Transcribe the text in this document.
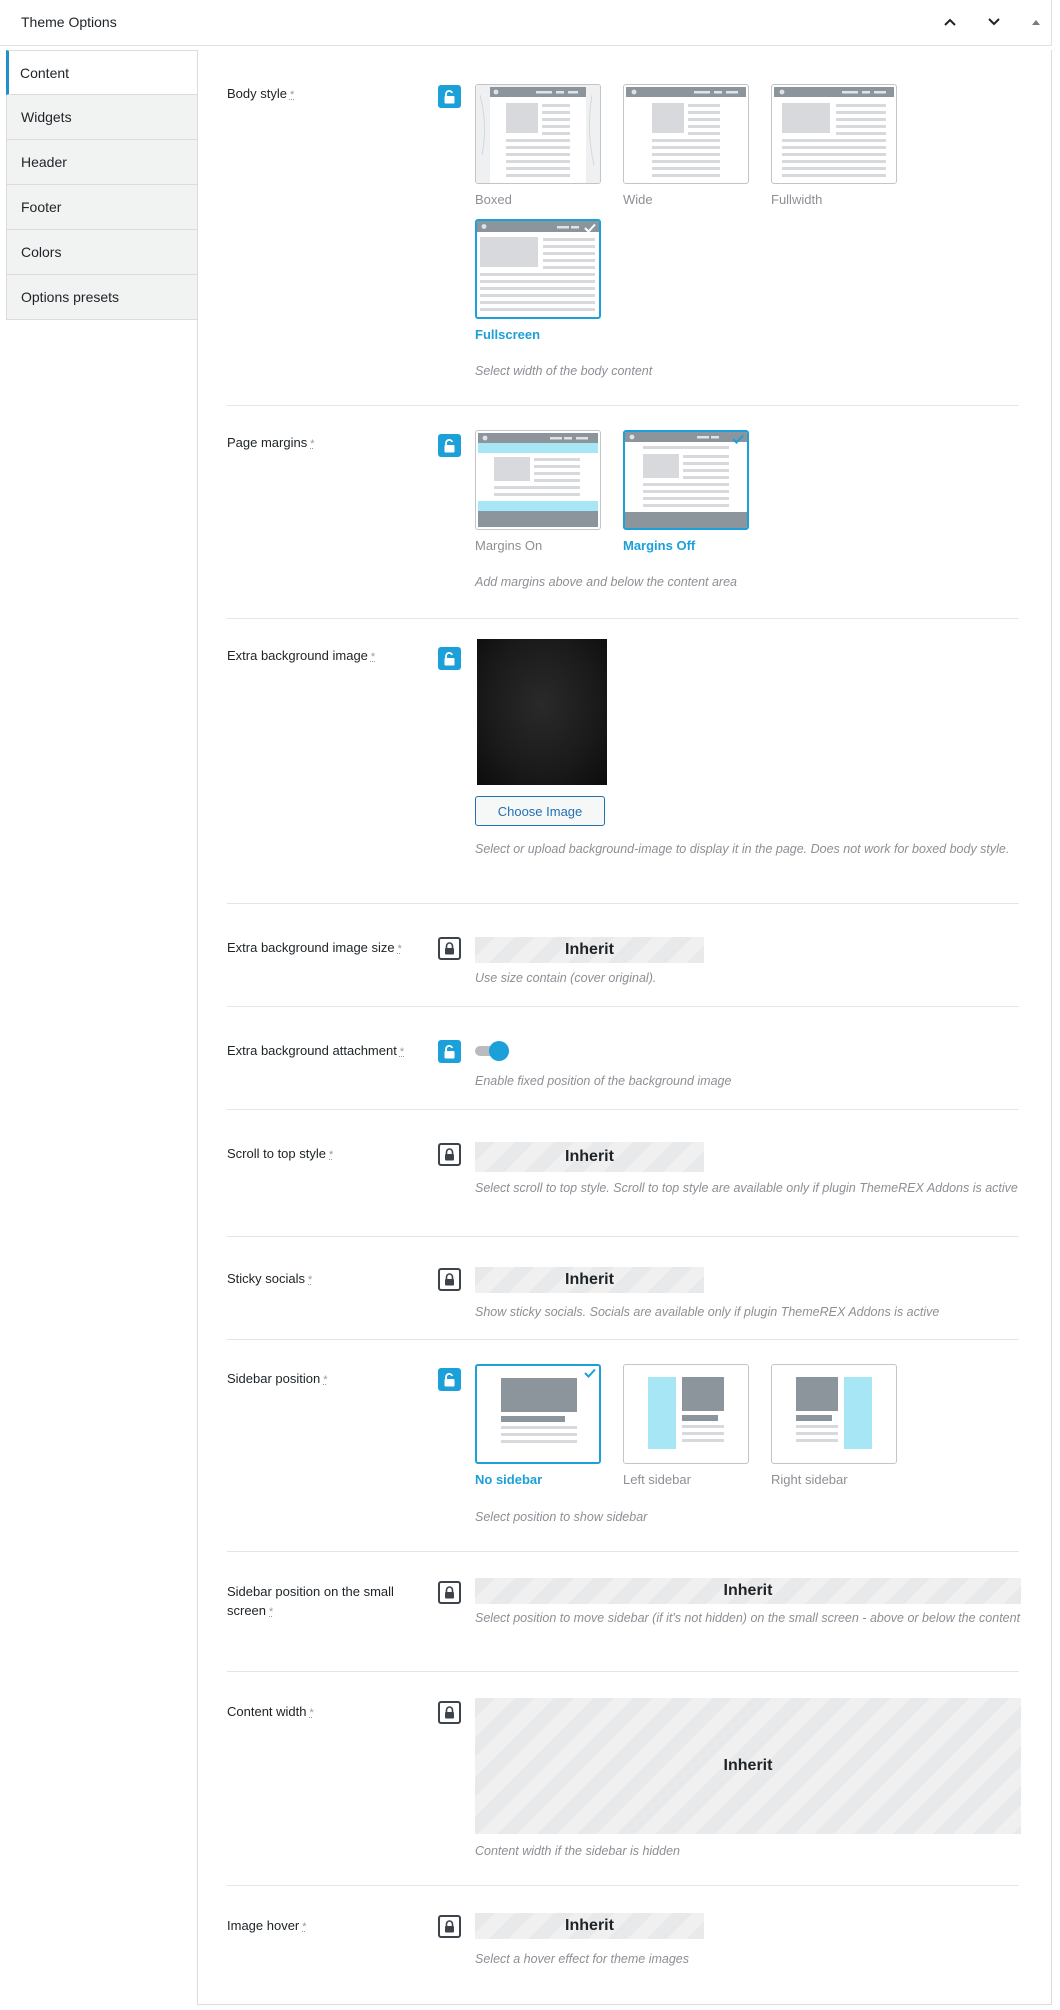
Theme Options
Content
Widgets
Header
Footer
Colors
Options presets
Body style *
Boxed	Wide	Fullwidth
Fullscreen
Select width of the body content
Page margins *
Margins On	Margins Off
Add margins above and below the content area
Extra background image *
Choose Image
Select or upload background-image to display it in the page. Does not work for boxed body style.
Extra background image size *	Inherit
Use size contain (cover original).
Extra background attachment *
Enable fixed position of the background image
Scroll to top style *	Inherit
Select scroll to top style. Scroll to top style are available only if plugin ThemeREX Addons is active
Sticky socials *	Inherit
Show sticky socials. Socials are available only if plugin ThemeREX Addons is active
Sidebar position *
No sidebar	Left sidebar	Right sidebar
Select position to show sidebar
Sidebar position on the small
screen *
Inherit
Select position to move sidebar (if it's not hidden) on the small screen - above or below the content
Content width *
Inherit
Content width if the sidebar is hidden
Image hover *	Inherit
Select a hover effect for theme images
